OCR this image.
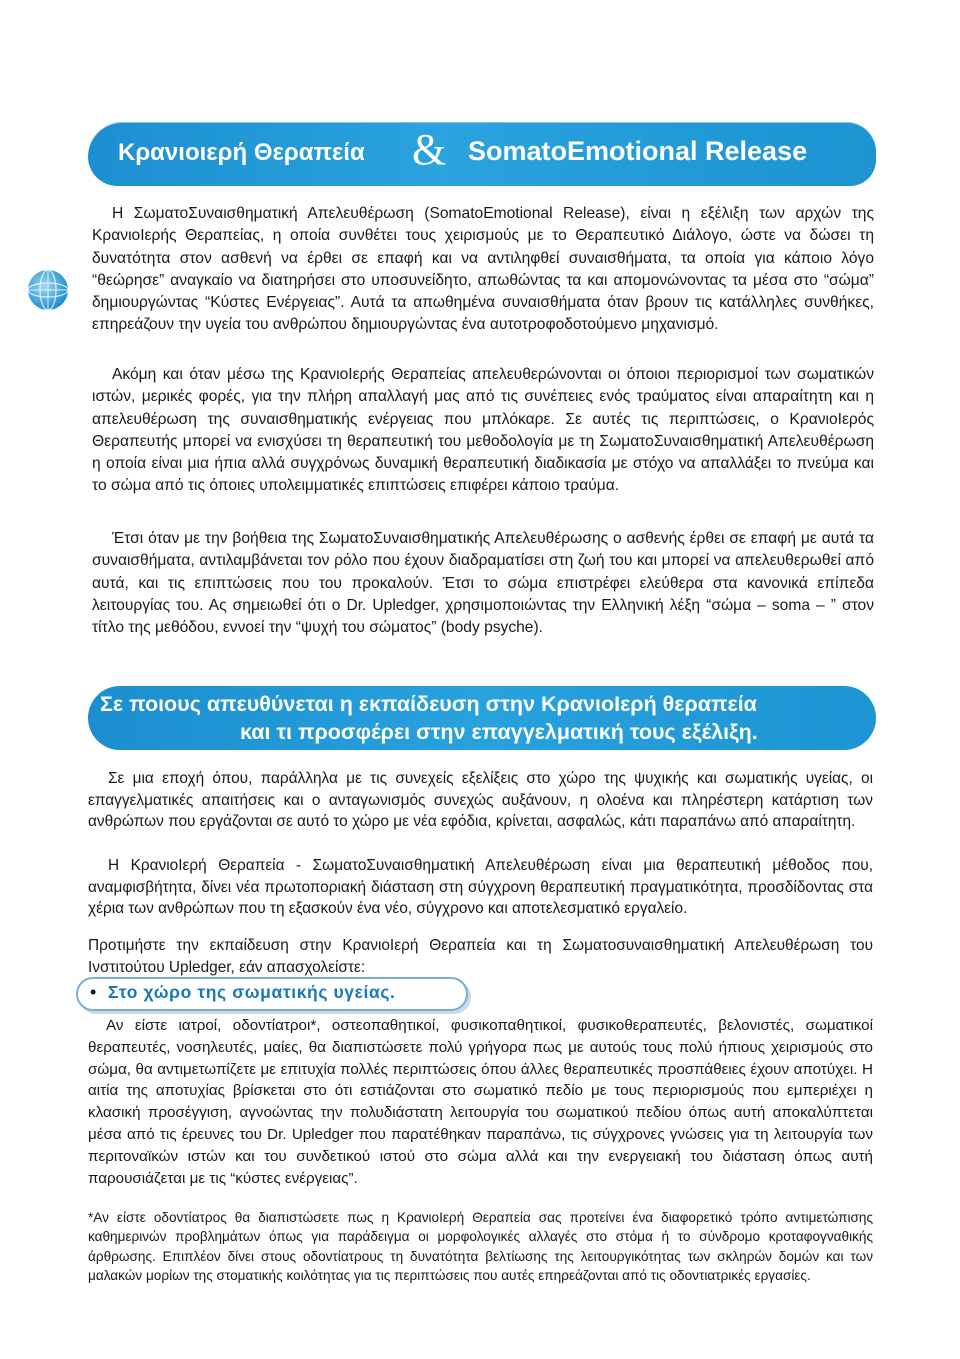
Κρανιοιερή Θεραπεία & SomatoEmotional Release

Η ΣωματοΣυναισθηματική Απελευθέρωση (SomatoEmotional Release), είναι η εξέλιξη των αρχών της ΚρανιοΙερής Θεραπείας, η οποία συνθέτει τους χειρισμούς με το Θεραπευτικό Διάλογο, ώστε να δώσει τη δυνατότητα στον ασθενή να έρθει σε επαφή και να αντιληφθεί συναισθήματα, τα οποία για κάποιο λόγο “θεώρησε” αναγκαίο να διατηρήσει στο υποσυνείδητο, απωθώντας τα και απομονώνοντας τα μέσα στο “σώμα” δημιουργώντας “Κύστες Ενέργειας”. Αυτά τα απωθημένα συναισθήματα όταν βρουν τις κατάλληλες συνθήκες, επηρεάζουν την υγεία του ανθρώπου δημιουργώντας ένα αυτοτροφοδοτούμενο μηχανισμό.

Ακόμη και όταν μέσω της ΚρανιοΙερής Θεραπείας απελευθερώνονται οι όποιοι περιορισμοί των σωματικών ιστών, μερικές φορές, για την πλήρη απαλλαγή μας από τις συνέπειες ενός τραύματος είναι απαραίτητη και η απελευθέρωση της συναισθηματικής ενέργειας που μπλόκαρε. Σε αυτές τις περιπτώσεις, ο ΚρανιοΙερός Θεραπευτής μπορεί να ενισχύσει τη θεραπευτική του μεθοδολογία με τη ΣωματοΣυναισθηματική Απελευθέρωση η οποία είναι μια ήπια αλλά συγχρόνως δυναμική θεραπευτική διαδικασία με στόχο να απαλλάξει το πνεύμα και το σώμα από τις όποιες υπολειμματικές επιπτώσεις επιφέρει κάποιο τραύμα.

Έτσι όταν με την βοήθεια της ΣωματοΣυναισθηματικής Απελευθέρωσης ο ασθενής έρθει σε επαφή με αυτά τα συναισθήματα, αντιλαμβάνεται τον ρόλο που έχουν διαδραματίσει στη ζωή του και μπορεί να απελευθερωθεί από αυτά, και τις επιπτώσεις που του προκαλούν. Έτσι το σώμα επιστρέφει ελεύθερα στα κανονικά επίπεδα λειτουργίας του. Ας σημειωθεί ότι ο Dr. Upledger, χρησιμοποιώντας την Ελληνική λέξη “σώμα – soma – ” στον τίτλο της μεθόδου, εννοεί την “ψυχή του σώματος” (body psyche).

Σε ποιους απευθύνεται η εκπαίδευση στην ΚρανιοΙερή θεραπεία
και τι προσφέρει στην επαγγελματική τους εξέλιξη.

Σε μια εποχή όπου, παράλληλα με τις συνεχείς εξελίξεις στο χώρο της ψυχικής και σωματικής υγείας, οι επαγγελματικές απαιτήσεις και ο ανταγωνισμός συνεχώς αυξάνουν, η ολοένα και πληρέστερη κατάρτιση των ανθρώπων που εργάζονται σε αυτό το χώρο με νέα εφόδια, κρίνεται, ασφαλώς, κάτι παραπάνω από απαραίτητη.

Η ΚρανιοΙερή Θεραπεία - ΣωματοΣυναισθηματική Απελευθέρωση είναι μια θεραπευτική μέθοδος που, αναμφισβήτητα, δίνει νέα πρωτοποριακή διάσταση στη σύγχρονη θεραπευτική πραγματικότητα, προσδίδοντας στα χέρια των ανθρώπων που τη εξασκούν ένα νέο, σύγχρονο και αποτελεσματικό εργαλείο.

Προτιμήστε την εκπαίδευση στην ΚρανιοΙερή Θεραπεία και τη Σωματοσυναισθηματική Απελευθέρωση του Ινστιτούτου Upledger, εάν απασχολείστε:

• Στο χώρο της σωματικής υγείας.

Αν είστε ιατροί, οδοντίατροι*, οστεοπαθητικοί, φυσικοπαθητικοί, φυσικοθεραπευτές, βελονιστές, σωματικοί θεραπευτές, νοσηλευτές, μαίες, θα διαπιστώσετε πολύ γρήγορα πως με αυτούς τους πολύ ήπιους χειρισμούς στο σώμα, θα αντιμετωπίζετε με επιτυχία πολλές περιπτώσεις όπου άλλες θεραπευτικές προσπάθειες έχουν αποτύχει. Η αιτία της αποτυχίας βρίσκεται στο ότι εστιάζονται στο σωματικό πεδίο με τους περιορισμούς που εμπεριέχει η κλασική προσέγγιση, αγνοώντας την πολυδιάστατη λειτουργία του σωματικού πεδίου όπως αυτή αποκαλύπτεται μέσα από τις έρευνες του Dr. Upledger που παρατέθηκαν παραπάνω, τις σύγχρονες γνώσεις για τη λειτουργία των περιτοναϊκών ιστών και του συνδετικού ιστού στο σώμα αλλά και την ενεργειακή του διάσταση όπως αυτή παρουσιάζεται με τις “κύστες ενέργειας”.

*Αν είστε οδοντίατρος θα διαπιστώσετε πως η ΚρανιοΙερή Θεραπεία σας προτείνει ένα διαφορετικό τρόπο αντιμετώπισης καθημερινών προβλημάτων όπως για παράδειγμα οι μορφολογικές αλλαγές στο στόμα ή το σύνδρομο κροταφογναθικής άρθρωσης. Επιπλέον δίνει στους οδοντίατρους τη δυνατότητα βελτίωσης της λειτουργικότητας των σκληρών δομών και των μαλακών μορίων της στοματικής κοιλότητας για τις περιπτώσεις που αυτές επηρεάζονται από τις οδοντιατρικές εργασίες.
